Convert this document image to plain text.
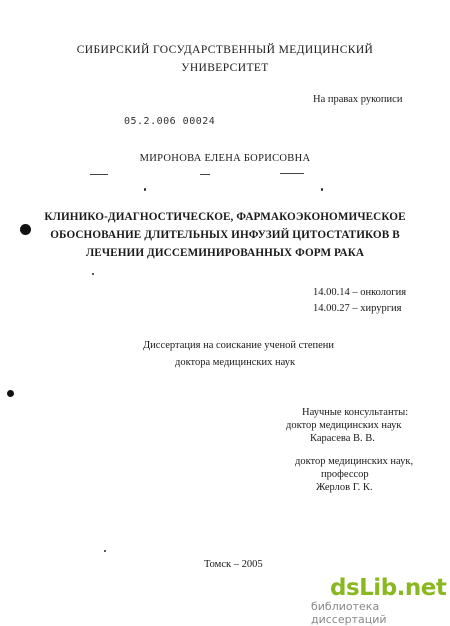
СИБИРСКИЙ ГОСУДАРСТВЕННЫЙ МЕДИЦИНСКИЙ
УНИВЕРСИТЕТ
На правах рукописи
05.2.006 00024
МИРОНОВА ЕЛЕНА БОРИСОВНА
КЛИНИКО-ДИАГНОСТИЧЕСКОЕ, ФАРМАКОЭКОНОМИЧЕСКОЕ
ОБОСНОВАНИЕ ДЛИТЕЛЬНЫХ ИНФУЗИЙ ЦИТОСТАТИКОВ В
ЛЕЧЕНИИ ДИССЕМИНИРОВАННЫХ ФОРМ РАКА
14.00.14 – онкология
14.00.27 – хирургия
Диссертация на соискание ученой степени
доктора медицинских наук
Научные консультанты:
доктор медицинских наук
Карасева В. В.
доктор медицинских наук,
профессор
Жерлов Г. К.
Томск – 2005
dsLib.net
библиотека диссертаций
